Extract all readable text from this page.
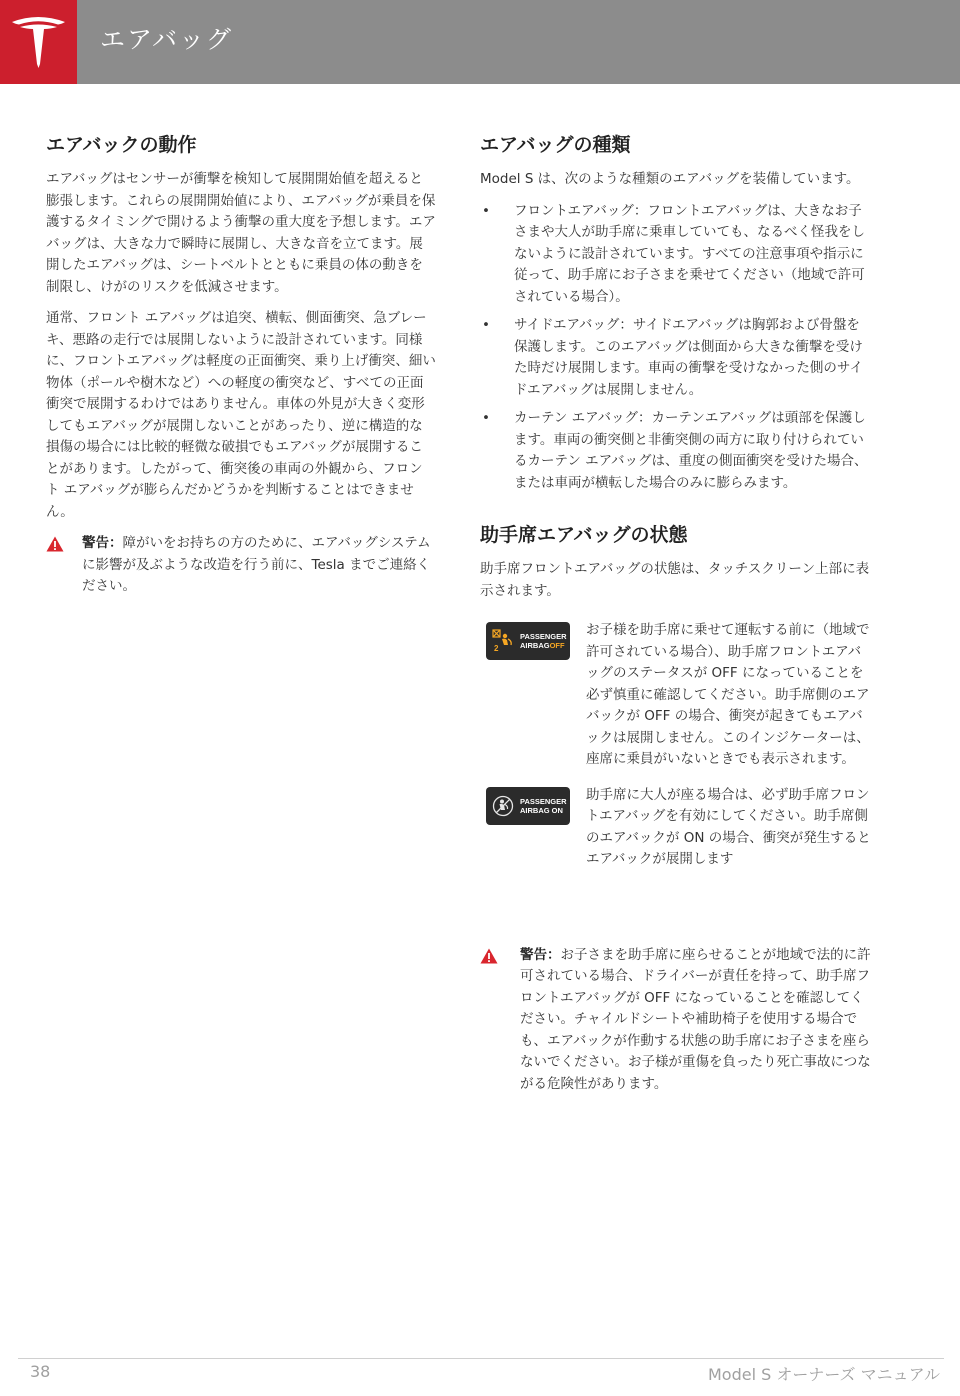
エアバッグ
エアバックの動作

エアバッグはセンサーが衝撃を検知して展開開始値を超えると膨張します。これらの展開開始値により、エアバッグが乗員を保護するタイミングで開けるよう衝撃の重大度を予想します。エアバッグは、大きな力で瞬時に展開し、大きな音を立てます。展開したエアバッグは、シートベルトとともに乗員の体の動きを制限し、けがのリスクを低減させます。

通常、フロント エアバッグは追突、横転、側面衝突、急ブレーキ、悪路の走行では展開しないように設計されています。同様に、フロントエアバッグは軽度の正面衝突、乗り上げ衝突、細い物体（ポールや樹木など）への軽度の衝突など、すべての正面衝突で展開するわけではありません。車体の外見が大きく変形してもエアバッグが展開しないことがあったり、逆に構造的な損傷の場合には比較的軽微な破損でもエアバッグが展開することがあります。したがって、衝突後の車両の外観から、フロント エアバッグが膨らんだかどうかを判断することはできません。

警告：障がいをお持ちの方のために、エアバッグシステムに影響が及ぶような改造を行う前に、Tesla までご連絡ください。

エアバッグの種類

Model S は、次のような種類のエアバッグを装備しています。

• フロントエアバッグ：フロントエアバッグは、大きなお子さまや大人が助手席に乗車していても、なるべく怪我をしないように設計されています。すべての注意事項や指示に従って、助手席にお子さまを乗せてください（地域で許可されている場合）。
• サイドエアバッグ：サイドエアバッグは胸郭および骨盤を保護します。このエアバッグは側面から大きな衝撃を受けた時だけ展開します。車両の衝撃を受けなかった側のサイドエアバッグは展開しません。
• カーテン エアバッグ：カーテンエアバッグは頭部を保護します。車両の衝突側と非衝突側の両方に取り付けられているカーテン エアバッグは、重度の側面衝突を受けた場合、または車両が横転した場合のみに膨らみます。
助手席エアバッグの状態

助手席フロントエアバッグの状態は、タッチスクリーン上部に表示されます。

2
PASSENGER
AIRBAGOFF

お子様を助手席に乗せて運転する前に（地域で許可されている場合）、助手席フロントエアバッグのステータスが OFF になっていることを必ず慎重に確認してください。助手席側のエアバックが OFF の場合、衝突が起きてもエアバックは展開しません。このインジケーターは、座席に乗員がいないときでも表示されます。

PASSENGER
AIRBAG ON

助手席に大人が座る場合は、必ず助手席フロントエアバッグを有効にしてください。助手席側のエアバックが ON の場合、衝突が発生するとエアバックが展開します

警告：お子さまを助手席に座らせることが地域で法的に許可されている場合、ドライバーが責任を持って、助手席フロントエアバッグが OFF になっていることを確認してください。チャイルドシートや補助椅子を使用する場合でも、エアバックが作動する状態の助手席にお子さまを座らないでください。お子様が重傷を負ったり死亡事故につながる危険性があります。

38	Model S オーナーズ マニュアル
